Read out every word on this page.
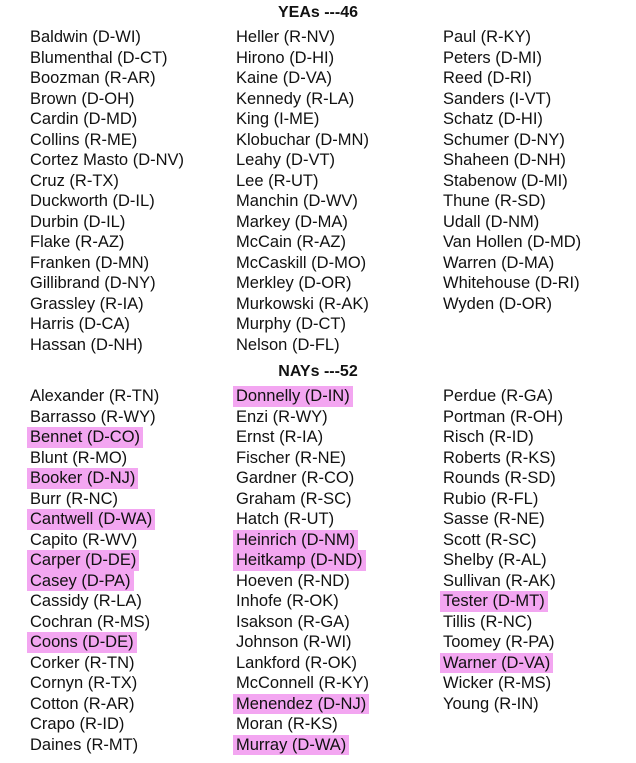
YEAs ---46
Baldwin (D-WI)
Blumenthal (D-CT)
Boozman (R-AR)
Brown (D-OH)
Cardin (D-MD)
Collins (R-ME)
Cortez Masto (D-NV)
Cruz (R-TX)
Duckworth (D-IL)
Durbin (D-IL)
Flake (R-AZ)
Franken (D-MN)
Gillibrand (D-NY)
Grassley (R-IA)
Harris (D-CA)
Hassan (D-NH)
Heller (R-NV)
Hirono (D-HI)
Kaine (D-VA)
Kennedy (R-LA)
King (I-ME)
Klobuchar (D-MN)
Leahy (D-VT)
Lee (R-UT)
Manchin (D-WV)
Markey (D-MA)
McCain (R-AZ)
McCaskill (D-MO)
Merkley (D-OR)
Murkowski (R-AK)
Murphy (D-CT)
Nelson (D-FL)
Paul (R-KY)
Peters (D-MI)
Reed (D-RI)
Sanders (I-VT)
Schatz (D-HI)
Schumer (D-NY)
Shaheen (D-NH)
Stabenow (D-MI)
Thune (R-SD)
Udall (D-NM)
Van Hollen (D-MD)
Warren (D-MA)
Whitehouse (D-RI)
Wyden (D-OR)
NAYs ---52
Alexander (R-TN)
Barrasso (R-WY)
Bennet (D-CO)
Blunt (R-MO)
Booker (D-NJ)
Burr (R-NC)
Cantwell (D-WA)
Capito (R-WV)
Carper (D-DE)
Casey (D-PA)
Cassidy (R-LA)
Cochran (R-MS)
Coons (D-DE)
Corker (R-TN)
Cornyn (R-TX)
Cotton (R-AR)
Crapo (R-ID)
Daines (R-MT)
Donnelly (D-IN)
Enzi (R-WY)
Ernst (R-IA)
Fischer (R-NE)
Gardner (R-CO)
Graham (R-SC)
Hatch (R-UT)
Heinrich (D-NM)
Heitkamp (D-ND)
Hoeven (R-ND)
Inhofe (R-OK)
Isakson (R-GA)
Johnson (R-WI)
Lankford (R-OK)
McConnell (R-KY)
Menendez (D-NJ)
Moran (R-KS)
Murray (D-WA)
Perdue (R-GA)
Portman (R-OH)
Risch (R-ID)
Roberts (R-KS)
Rounds (R-SD)
Rubio (R-FL)
Sasse (R-NE)
Scott (R-SC)
Shelby (R-AL)
Sullivan (R-AK)
Tester (D-MT)
Tillis (R-NC)
Toomey (R-PA)
Warner (D-VA)
Wicker (R-MS)
Young (R-IN)
